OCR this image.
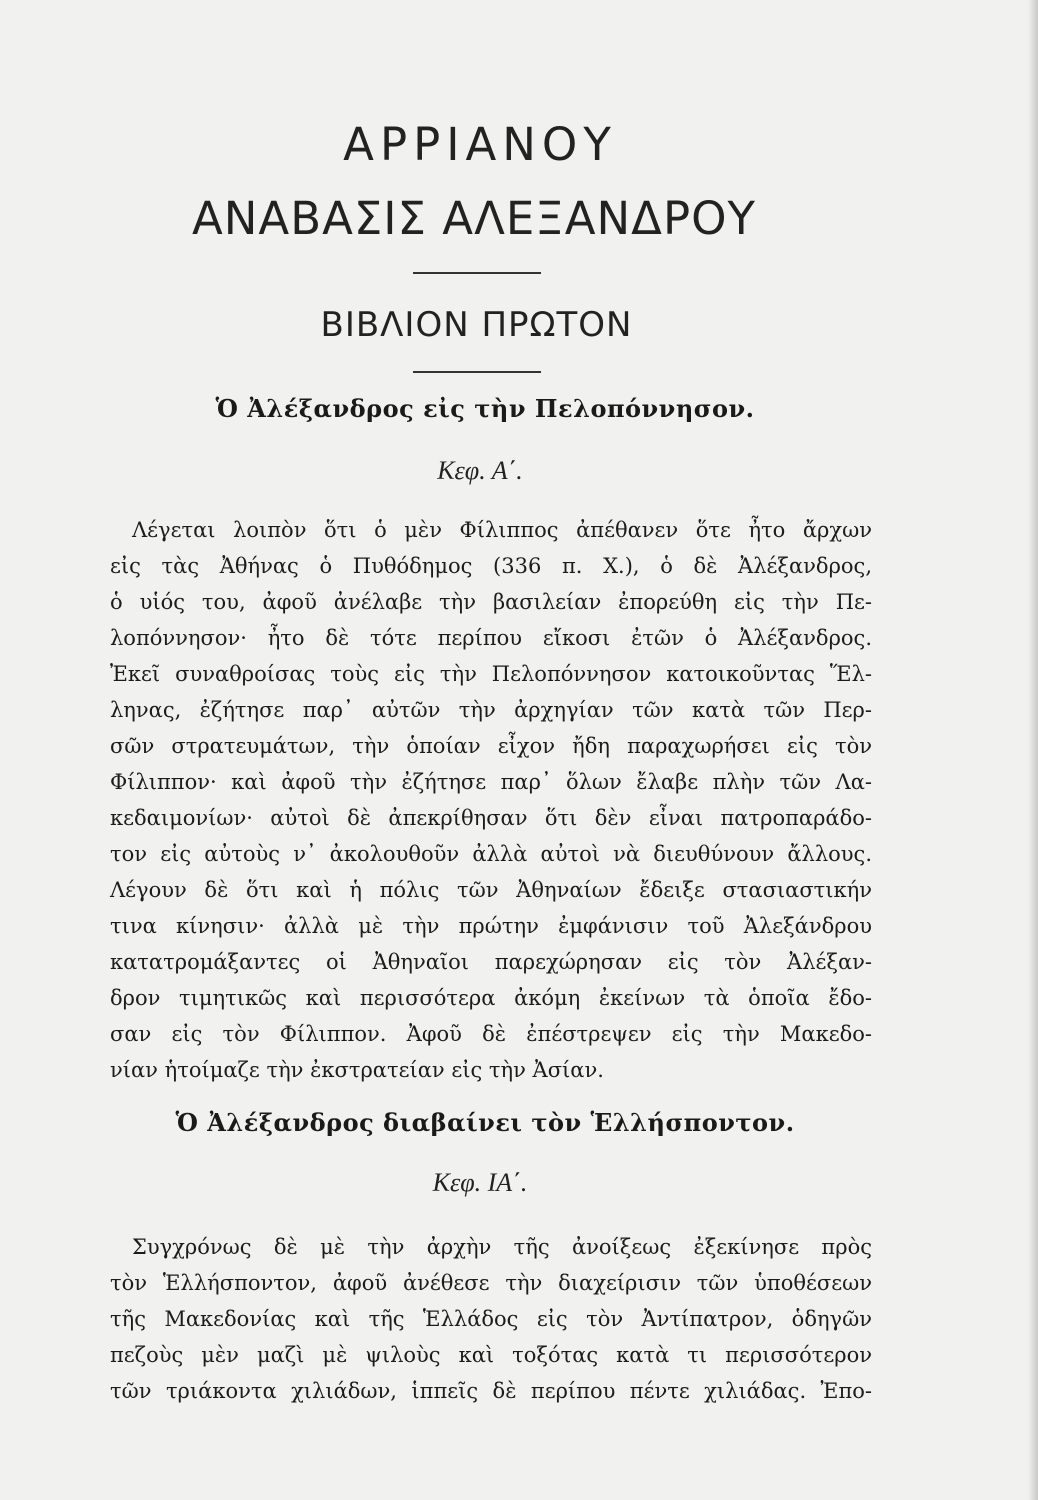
ΑΡΡΙΑΝΟΥ
ΑΝΑΒΑΣΙΣ ΑΛΕΞΑΝΔΡΟΥ
ΒΙΒΛΙΟΝ ΠΡΩΤΟΝ
Ὁ Ἀλέξανδρος εἰς τὴν Πελοπόννησον.
Κεφ. Α΄.
Λέγεται λοιπὸν ὅτι ὁ μὲν Φίλιππος ἀπέθανεν ὅτε ἦτο ἄρχων
εἰς τὰς Ἀθήνας ὁ Πυθόδημος (336 π. Χ.), ὁ δὲ Ἀλέξανδρος,
ὁ υἱός του, ἀφοῦ ἀνέλαβε τὴν βασιλείαν ἐπορεύθη εἰς τὴν Πε-
λοπόννησον· ἦτο δὲ τότε περίπου εἴκοσι ἐτῶν ὁ Ἀλέξανδρος.
Ἐκεῖ συναθροίσας τοὺς εἰς τὴν Πελοπόννησον κατοικοῦντας Ἕλ-
ληνας, ἐζήτησε παρ᾽ αὐτῶν τὴν ἀρχηγίαν τῶν κατὰ τῶν Περ-
σῶν στρατευμάτων, τὴν ὁποίαν εἶχον ἤδη παραχωρήσει εἰς τὸν
Φίλιππον· καὶ ἀφοῦ τὴν ἐζήτησε παρ᾽ ὅλων ἔλαβε πλὴν τῶν Λα-
κεδαιμονίων· αὐτοὶ δὲ ἀπεκρίθησαν ὅτι δὲν εἶναι πατροπαράδο-
τον εἰς αὐτοὺς ν᾽ ἀκολουθοῦν ἀλλὰ αὐτοὶ νὰ διευθύνουν ἄλλους.
Λέγουν δὲ ὅτι καὶ ἡ πόλις τῶν Ἀθηναίων ἔδειξε στασιαστικήν
τινα κίνησιν· ἀλλὰ μὲ τὴν πρώτην ἐμφάνισιν τοῦ Ἀλεξάνδρου
κατατρομάξαντες οἱ Ἀθηναῖοι παρεχώρησαν εἰς τὸν Ἀλέξαν-
δρον τιμητικῶς καὶ περισσότερα ἀκόμη ἐκείνων τὰ ὁποῖα ἔδο-
σαν εἰς τὸν Φίλιππον. Ἀφοῦ δὲ ἐπέστρεψεν εἰς τὴν Μακεδο-
νίαν ἡτοίμαζε τὴν ἐκστρατείαν εἰς τὴν Ἀσίαν.
Ὁ Ἀλέξανδρος διαβαίνει τὸν Ἑλλήσποντον.
Κεφ. ΙΑ΄.
Συγχρόνως δὲ μὲ τὴν ἀρχὴν τῆς ἀνοίξεως ἐξεκίνησε πρὸς
τὸν Ἑλλήσποντον, ἀφοῦ ἀνέθεσε τὴν διαχείρισιν τῶν ὑποθέσεων
τῆς Μακεδονίας καὶ τῆς Ἑλλάδος εἰς τὸν Ἀντίπατρον, ὁδηγῶν
πεζοὺς μὲν μαζὶ μὲ ψιλοὺς καὶ τοξότας κατὰ τι περισσότερον
τῶν τριάκοντα χιλιάδων, ἱππεῖς δὲ περίπου πέντε χιλιάδας. Ἐπο-
